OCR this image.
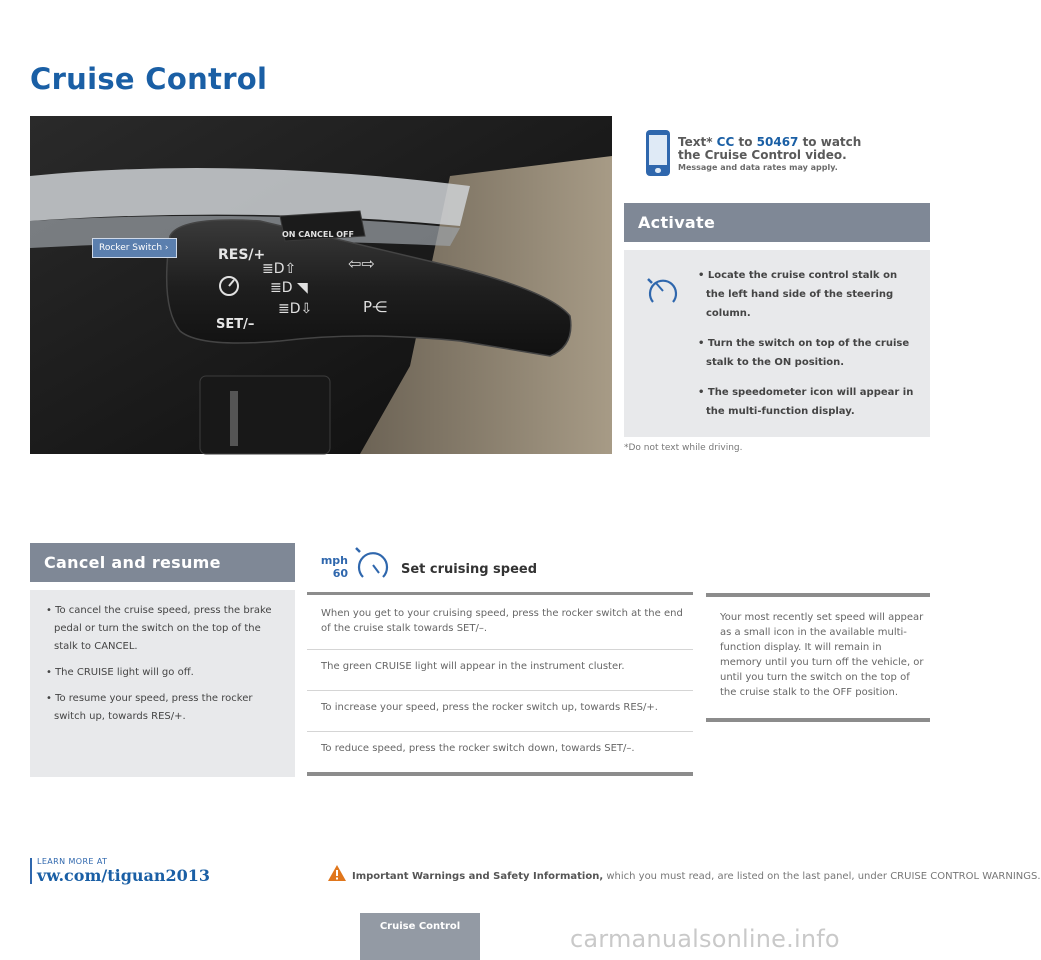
Cruise Control
RES/+
SET/–
ON CANCEL OFF
≣D⇧
≣D ◥
≣D⇩
⇦⇨
P⋲
Rocker Switch ›
Text* CC to 50467 to watch
the Cruise Control video.
Message and data rates may apply.
Activate
• Locate the cruise control stalk on the left hand side of the steering column.
• Turn the switch on top of the cruise stalk to the ON position.
• The speedometer icon will appear in the multi-function display.
*Do not text while driving.
Cancel and resume
• To cancel the cruise speed, press the brake pedal or turn the switch on the top of the stalk to CANCEL.
• The CRUISE light will go off.
• To resume your speed, press the rocker switch up, towards RES/+.
mph
60	Set cruising speed
When you get to your cruising speed, press the rocker switch at the end of the cruise stalk towards SET/–.
The green CRUISE light will appear in the instrument cluster.
To increase your speed, press the rocker switch up, towards RES/+.
To reduce speed, press the rocker switch down, towards SET/–.
Your most recently set speed will appear as a small icon in the available multi-function display. It will remain in memory until you turn off the vehicle, or until you turn the switch on the top of the cruise stalk to the OFF position.
LEARN MORE AT
vw.com/tiguan2013	Important Warnings and Safety Information, which you must read, are listed on the last panel, under CRUISE CONTROL WARNINGS.
Cruise Control	carmanualsonline.info
